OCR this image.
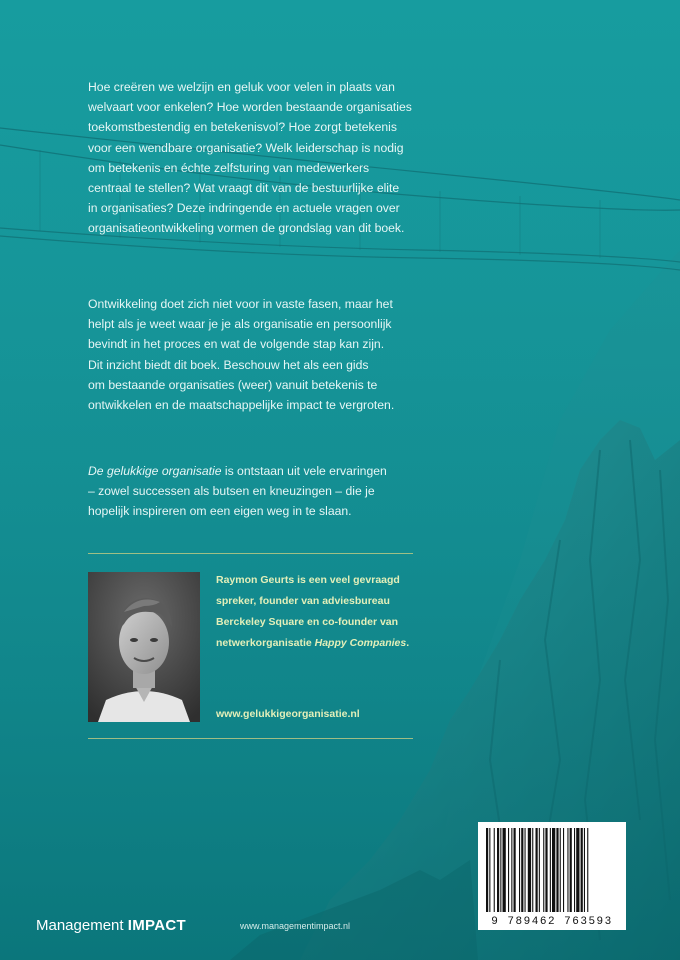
Hoe creëren we welzijn en geluk voor velen in plaats van
welvaart voor enkelen? Hoe worden bestaande organisaties
toekomstbestendig en betekenisvol? Hoe zorgt betekenis
voor een wendbare organisatie? Welk leiderschap is nodig
om betekenis en échte zelfsturing van medewerkers
centraal te stellen? Wat vraagt dit van de bestuurlijke elite
in organisaties? Deze indringende en actuele vragen over
organisatieontwikkeling vormen de grondslag van dit boek.
Ontwikkeling doet zich niet voor in vaste fasen, maar het
helpt als je weet waar je je als organisatie en persoonlijk
bevindt in het proces en wat de volgende stap kan zijn.
Dit inzicht biedt dit boek. Beschouw het als een gids
om bestaande organisaties (weer) vanuit betekenis te
ontwikkelen en de maatschappelijke impact te vergroten.
De gelukkige organisatie is ontstaan uit vele ervaringen
– zowel successen als butsen en kneuzingen – die je
hopelijk inspireren om een eigen weg in te slaan.
Raymon Geurts is een veel gevraagd
spreker, founder van adviesbureau
Berckeley Square en co-founder van
netwerkorganisatie Happy Companies.
www.gelukkigeorganisatie.nl
Management IMPACT	www.managementimpact.nl	9 789462 763593
